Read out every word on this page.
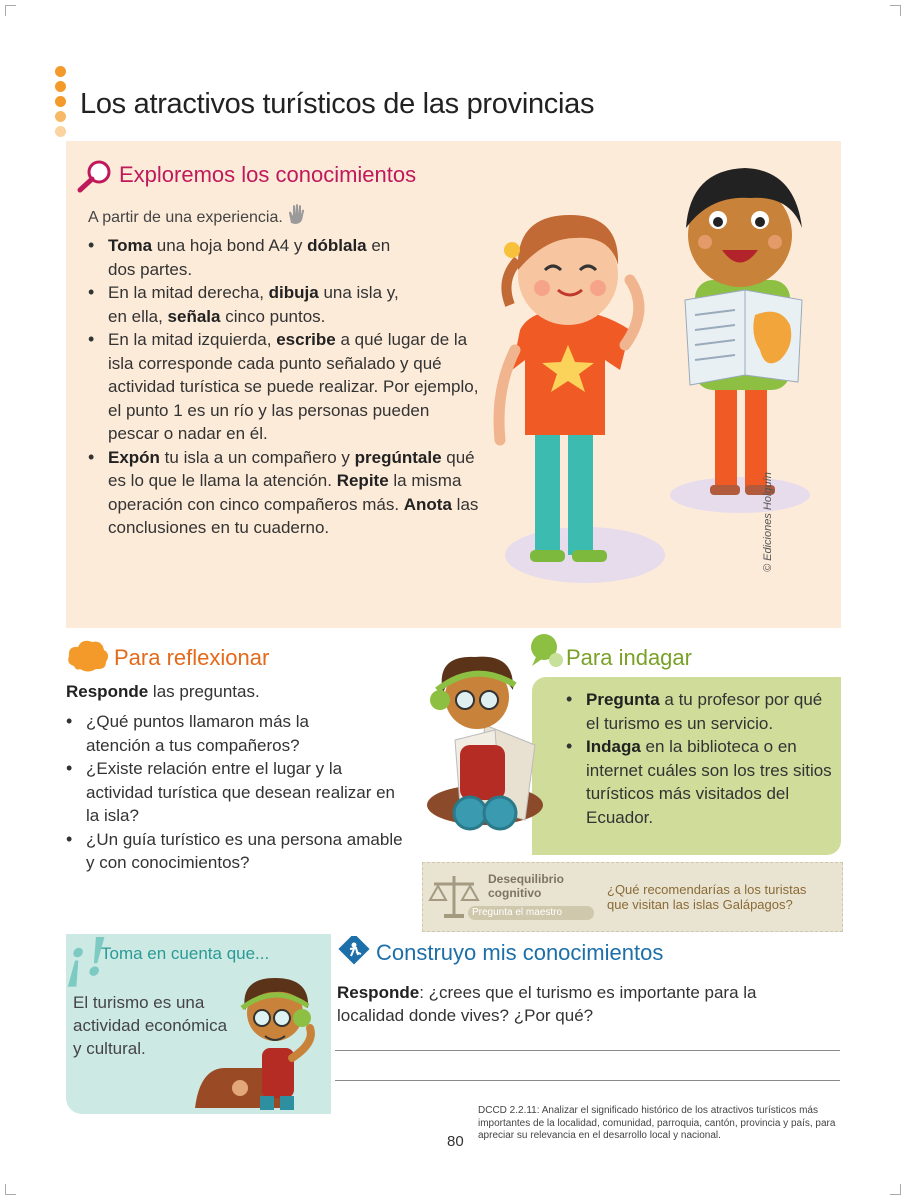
Los atractivos turísticos de las provincias
Exploremos los conocimientos
A partir de una experiencia.
• Toma una hoja bond A4 y dóblala en dos partes.
• En la mitad derecha, dibuja una isla y, en ella, señala cinco puntos.
• En la mitad izquierda, escribe a qué lugar de la isla corresponde cada punto señalado y qué actividad turística se puede realizar. Por ejemplo, el punto 1 es un río y las personas pueden pescar o nadar en él.
• Expón tu isla a un compañero y pregúntale qué es lo que le llama la atención. Repite la misma operación con cinco compañeros más. Anota las conclusiones en tu cuaderno.	© Ediciones Holguín
Para reflexionar
Responde las preguntas.
• ¿Qué puntos llamaron más la atención a tus compañeros?
• ¿Existe relación entre el lugar y la actividad turística que desean realizar en la isla?
• ¿Un guía turístico es una persona amable y con conocimientos?
Para indagar
• Pregunta a tu profesor por qué el turismo es un servicio.
• Indaga en la biblioteca o en internet cuáles son los tres sitios turísticos más visitados del Ecuador.
Desequilibrio cognitivo
Pregunta el maestro
¿Qué recomendarías a los turistas que visitan las islas Galápagos?
¡!
Toma en cuenta que...
El turismo es una actividad económica y cultural.
Construyo mis conocimientos
Responde: ¿crees que el turismo es importante para la localidad donde vives? ¿Por qué?
80
DCCD 2.2.11: Analizar el significado histórico de los atractivos turísticos más importantes de la localidad, comunidad, parroquia, cantón, provincia y país, para apreciar su relevancia en el desarrollo local y nacional.
